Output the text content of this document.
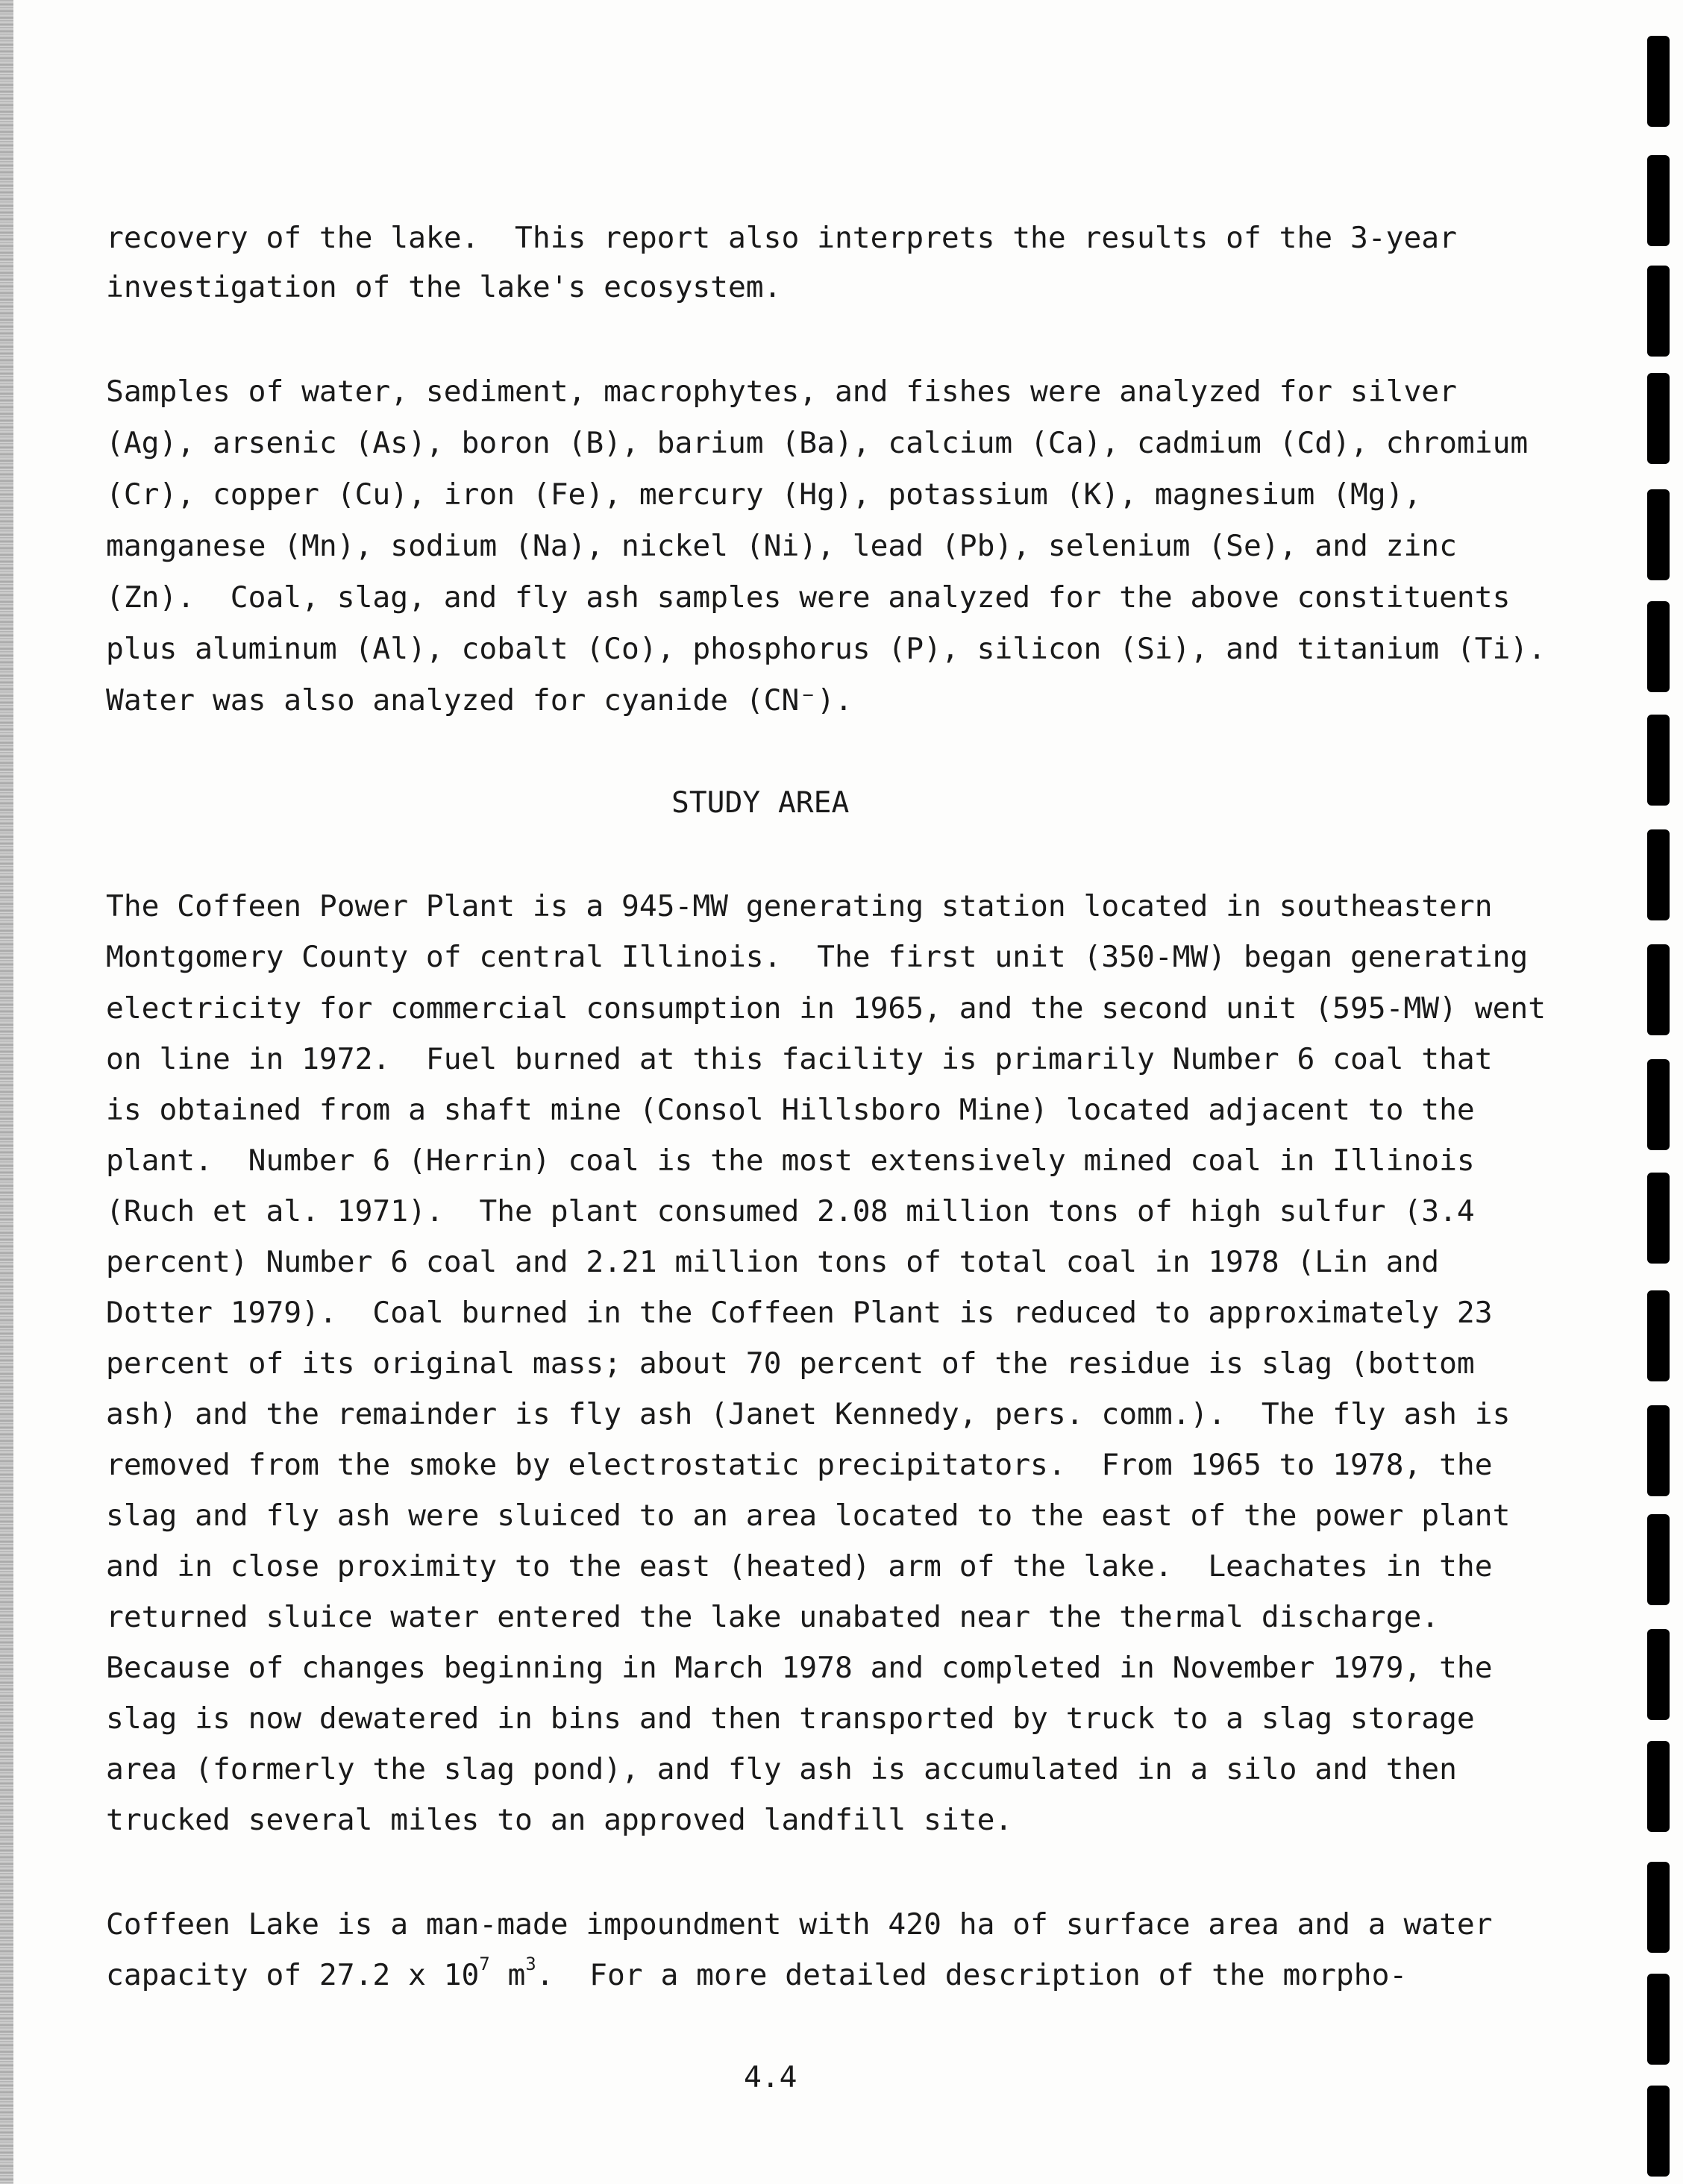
recovery of the lake.  This report also interprets the results of the 3-year

investigation of the lake's ecosystem.

Samples of water, sediment, macrophytes, and fishes were analyzed for silver

(Ag), arsenic (As), boron (B), barium (Ba), calcium (Ca), cadmium (Cd), chromium

(Cr), copper (Cu), iron (Fe), mercury (Hg), potassium (K), magnesium (Mg),

manganese (Mn), sodium (Na), nickel (Ni), lead (Pb), selenium (Se), and zinc

(Zn).  Coal, slag, and fly ash samples were analyzed for the above constituents

plus aluminum (Al), cobalt (Co), phosphorus (P), silicon (Si), and titanium (Ti).

Water was also analyzed for cyanide (CN⁻).

STUDY AREA

The Coffeen Power Plant is a 945-MW generating station located in southeastern

Montgomery County of central Illinois.  The first unit (350-MW) began generating

electricity for commercial consumption in 1965, and the second unit (595-MW) went

on line in 1972.  Fuel burned at this facility is primarily Number 6 coal that

is obtained from a shaft mine (Consol Hillsboro Mine) located adjacent to the

plant.  Number 6 (Herrin) coal is the most extensively mined coal in Illinois

(Ruch et al. 1971).  The plant consumed 2.08 million tons of high sulfur (3.4

percent) Number 6 coal and 2.21 million tons of total coal in 1978 (Lin and

Dotter 1979).  Coal burned in the Coffeen Plant is reduced to approximately 23

percent of its original mass; about 70 percent of the residue is slag (bottom

ash) and the remainder is fly ash (Janet Kennedy, pers. comm.).  The fly ash is

removed from the smoke by electrostatic precipitators.  From 1965 to 1978, the

slag and fly ash were sluiced to an area located to the east of the power plant

and in close proximity to the east (heated) arm of the lake.  Leachates in the

returned sluice water entered the lake unabated near the thermal discharge.

Because of changes beginning in March 1978 and completed in November 1979, the

slag is now dewatered in bins and then transported by truck to a slag storage

area (formerly the slag pond), and fly ash is accumulated in a silo and then

trucked several miles to an approved landfill site.

Coffeen Lake is a man-made impoundment with 420 ha of surface area and a water

capacity of 27.2 x $10^7$ $m^3$.  For a more detailed description of the morpho-

4.4
